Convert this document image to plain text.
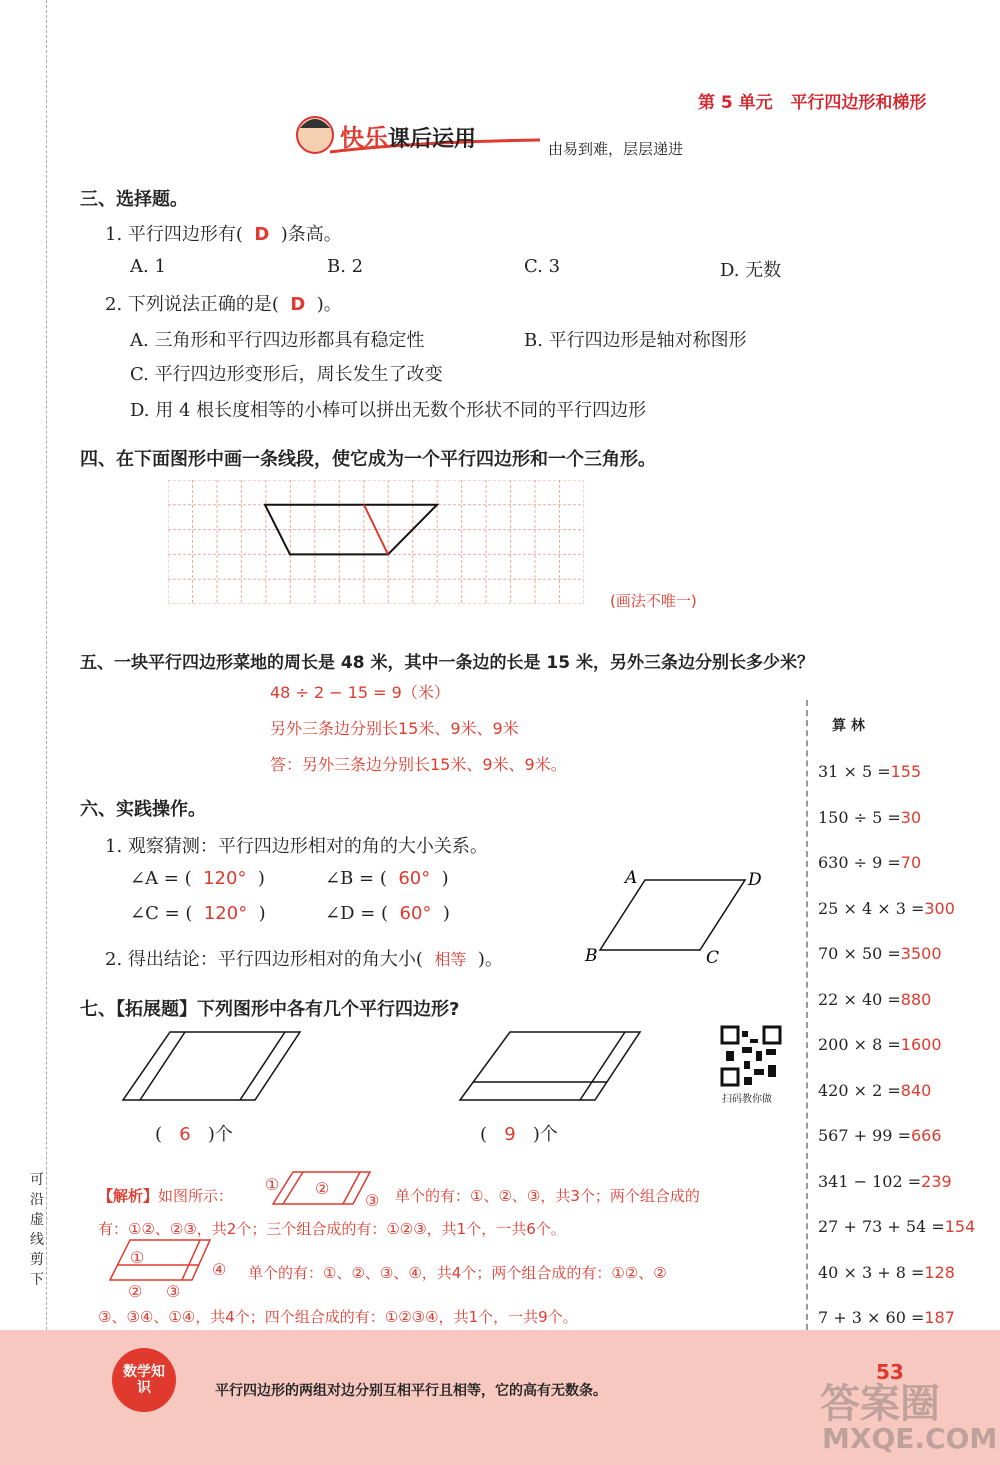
可沿虚线剪下
第 5 单元 平行四边形和梯形
快乐课后运用	由易到难，层层递进
三、选择题。
1. 平行四边形有( D )条高。
A. 1	B. 2	C. 3	D. 无数
2. 下列说法正确的是( D )。
A. 三角形和平行四边形都具有稳定性	B. 平行四边形是轴对称图形
C. 平行四边形变形后，周长发生了改变
D. 用 4 根长度相等的小棒可以拼出无数个形状不同的平行四边形
四、在下面图形中画一条线段，使它成为一个平行四边形和一个三角形。
(画法不唯一)
五、一块平行四边形菜地的周长是 48 米，其中一条边的长是 15 米，另外三条边分别长多少米？
48 ÷ 2 − 15 = 9（米）
另外三条边分别长15米、9米、9米
答：另外三条边分别长15米、9米、9米。
六、实践操作。
1. 观察猜测：平行四边形相对的角的大小关系。
∠A = ( 120° )	∠B = ( 60° )
∠C = ( 120° )	∠D = ( 60° )
A	D
B	C
2. 得出结论：平行四边形相对的角大小( 相等 )。
七、【拓展题】下列图形中各有几个平行四边形?
( 6 )个	( 9 )个
扫码教你做
【解析】如图所示：
① ②
③ 单个的有：①、②、③，共3个；两个组合成的
有：①②、②③，共2个；三个组合成的有：①②③，共1个，一共6个。
①
④
② ③
单个的有：①、②、③、④，共4个；两个组合成的有：①②、②
③、③④、①④，共4个；四个组合成的有：①②③④，共1个，一共9个。
算 林
31 × 5 =155
150 ÷ 5 =30
630 ÷ 9 =70
25 × 4 × 3 =300
70 × 50 =3500
22 × 40 =880
200 × 8 =1600
420 × 2 =840
567 + 99 =666
341 − 102 =239
27 + 73 + 54 =154
40 × 3 + 8 =128
7 + 3 × 60 =187
数学知识	平行四边形的两组对边分别互相平行且相等，它的高有无数条。
53
答案圈
MXQE.COM
